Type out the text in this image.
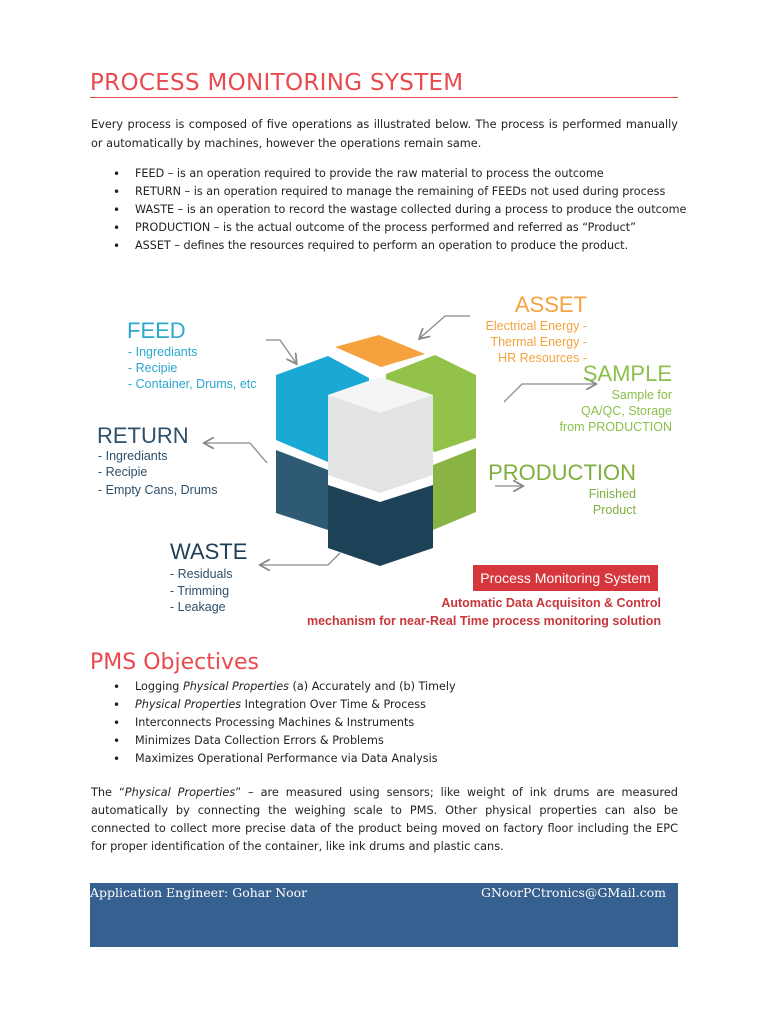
PROCESS MONITORING SYSTEM

Every process is composed of five operations as illustrated below. The process is performed manually or automatically by machines, however the operations remain same.

• FEED – is an operation required to provide the raw material to process the outcome
• RETURN – is an operation required to manage the remaining of FEEDs not used during process
• WASTE – is an operation to record the wastage collected during a process to produce the outcome
• PRODUCTION – is the actual outcome of the process performed and referred as “Product”
• ASSET – defines the resources required to perform an operation to produce the product.
FEED
- Ingrediants
- Recipie
- Container, Drums, etc
RETURN
- Ingrediants
- Recipie
- Empty Cans, Drums
WASTE
- Residuals
- Trimming
- Leakage
ASSET
Electrical Energy -
Thermal Energy -
HR Resources -
SAMPLE
Sample for
QA/QC, Storage
from PRODUCTION
PRODUCTION
Finished
Product
Process Monitoring System
Automatic Data Acquisiton & Control
mechanism for near-Real Time process monitoring solution
PMS Objectives
• Logging Physical Properties (a) Accurately and (b) Timely
• Physical Properties Integration Over Time & Process
• Interconnects Processing Machines & Instruments
• Minimizes Data Collection Errors & Problems
• Maximizes Operational Performance via Data Analysis

The “Physical Properties” – are measured using sensors; like weight of ink drums are measured automatically by connecting the weighing scale to PMS. Other physical properties can also be connected to collect more precise data of the product being moved on factory floor including the EPC for proper identification of the container, like ink drums and plastic cans.

Application Engineer: Gohar Noor	GNoorPCtronics@GMail.com
